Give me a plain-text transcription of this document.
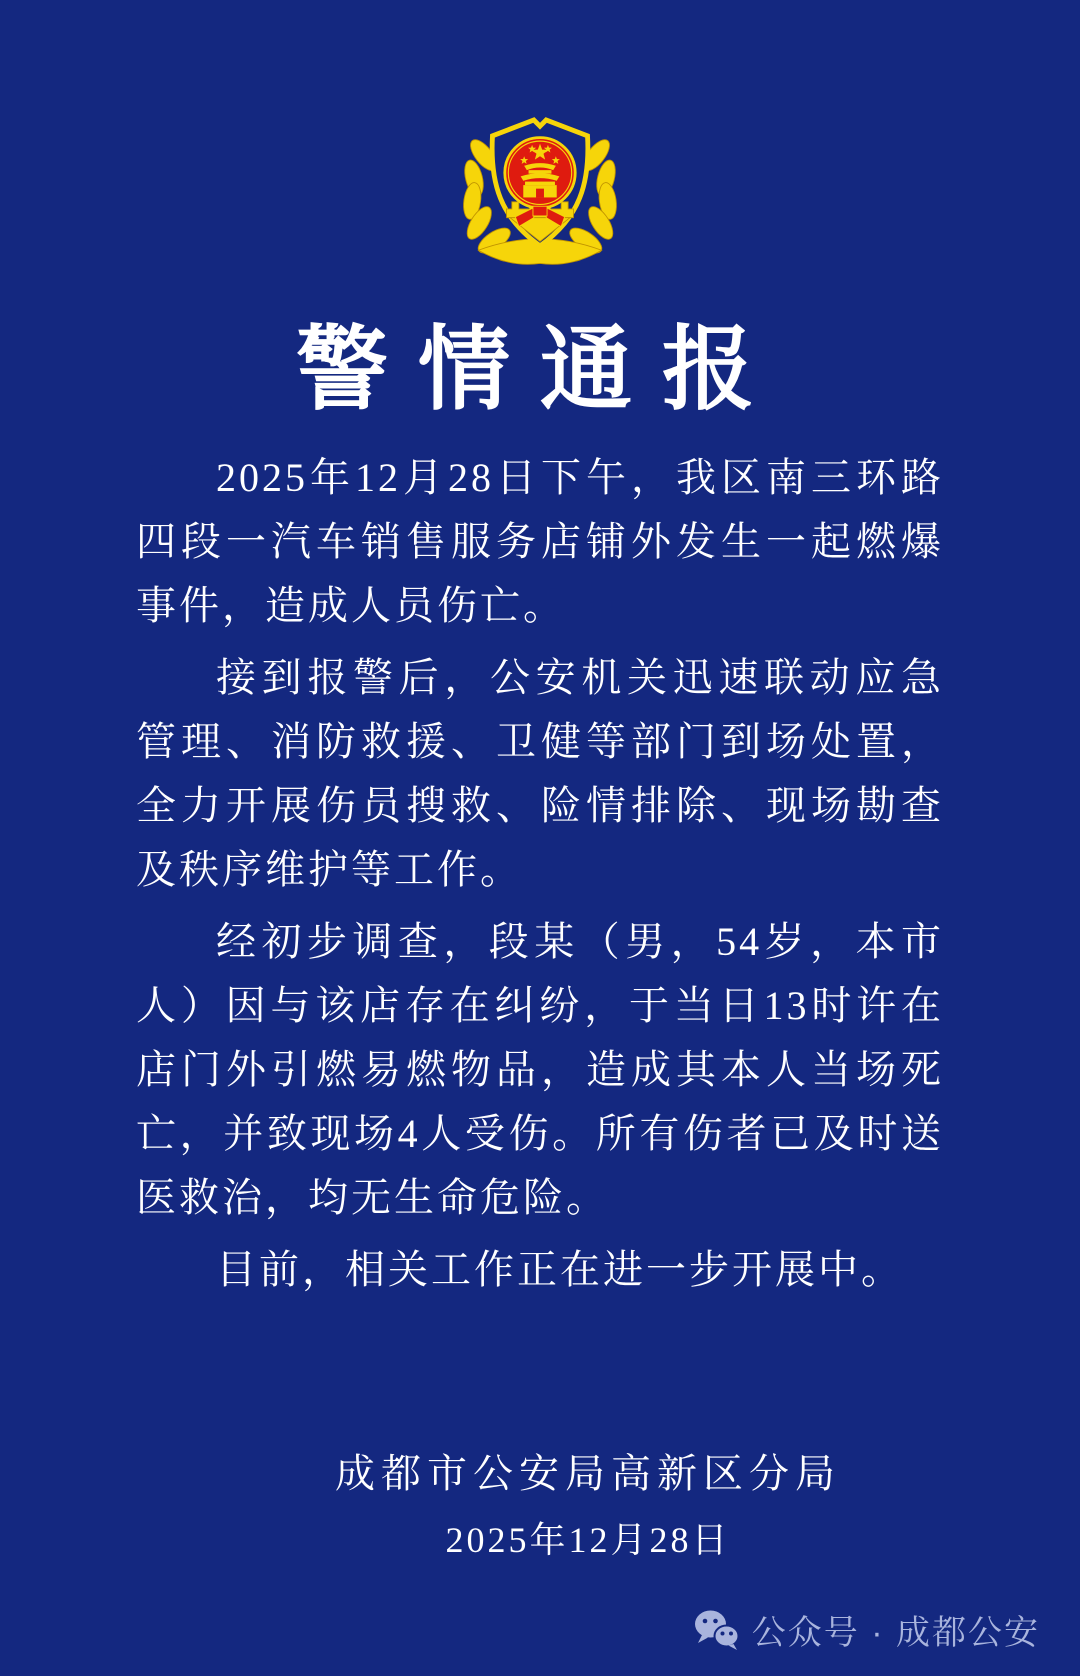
警情通报

2025年12月28日下午，我区南三环路四段一汽车销售服务店铺外发生一起燃爆事件，造成人员伤亡。

接到报警后，公安机关迅速联动应急管理、消防救援、卫健等部门到场处置，全力开展伤员搜救、险情排除、现场勘查及秩序维护等工作。

经初步调查，段某（男，54岁，本市人）因与该店存在纠纷，于当日13时许在店门外引燃易燃物品，造成其本人当场死亡，并致现场4人受伤。所有伤者已及时送医救治，均无生命危险。

目前，相关工作正在进一步开展中。

成都市公安局高新区分局

2025年12月28日

公众号 · 成都公安
